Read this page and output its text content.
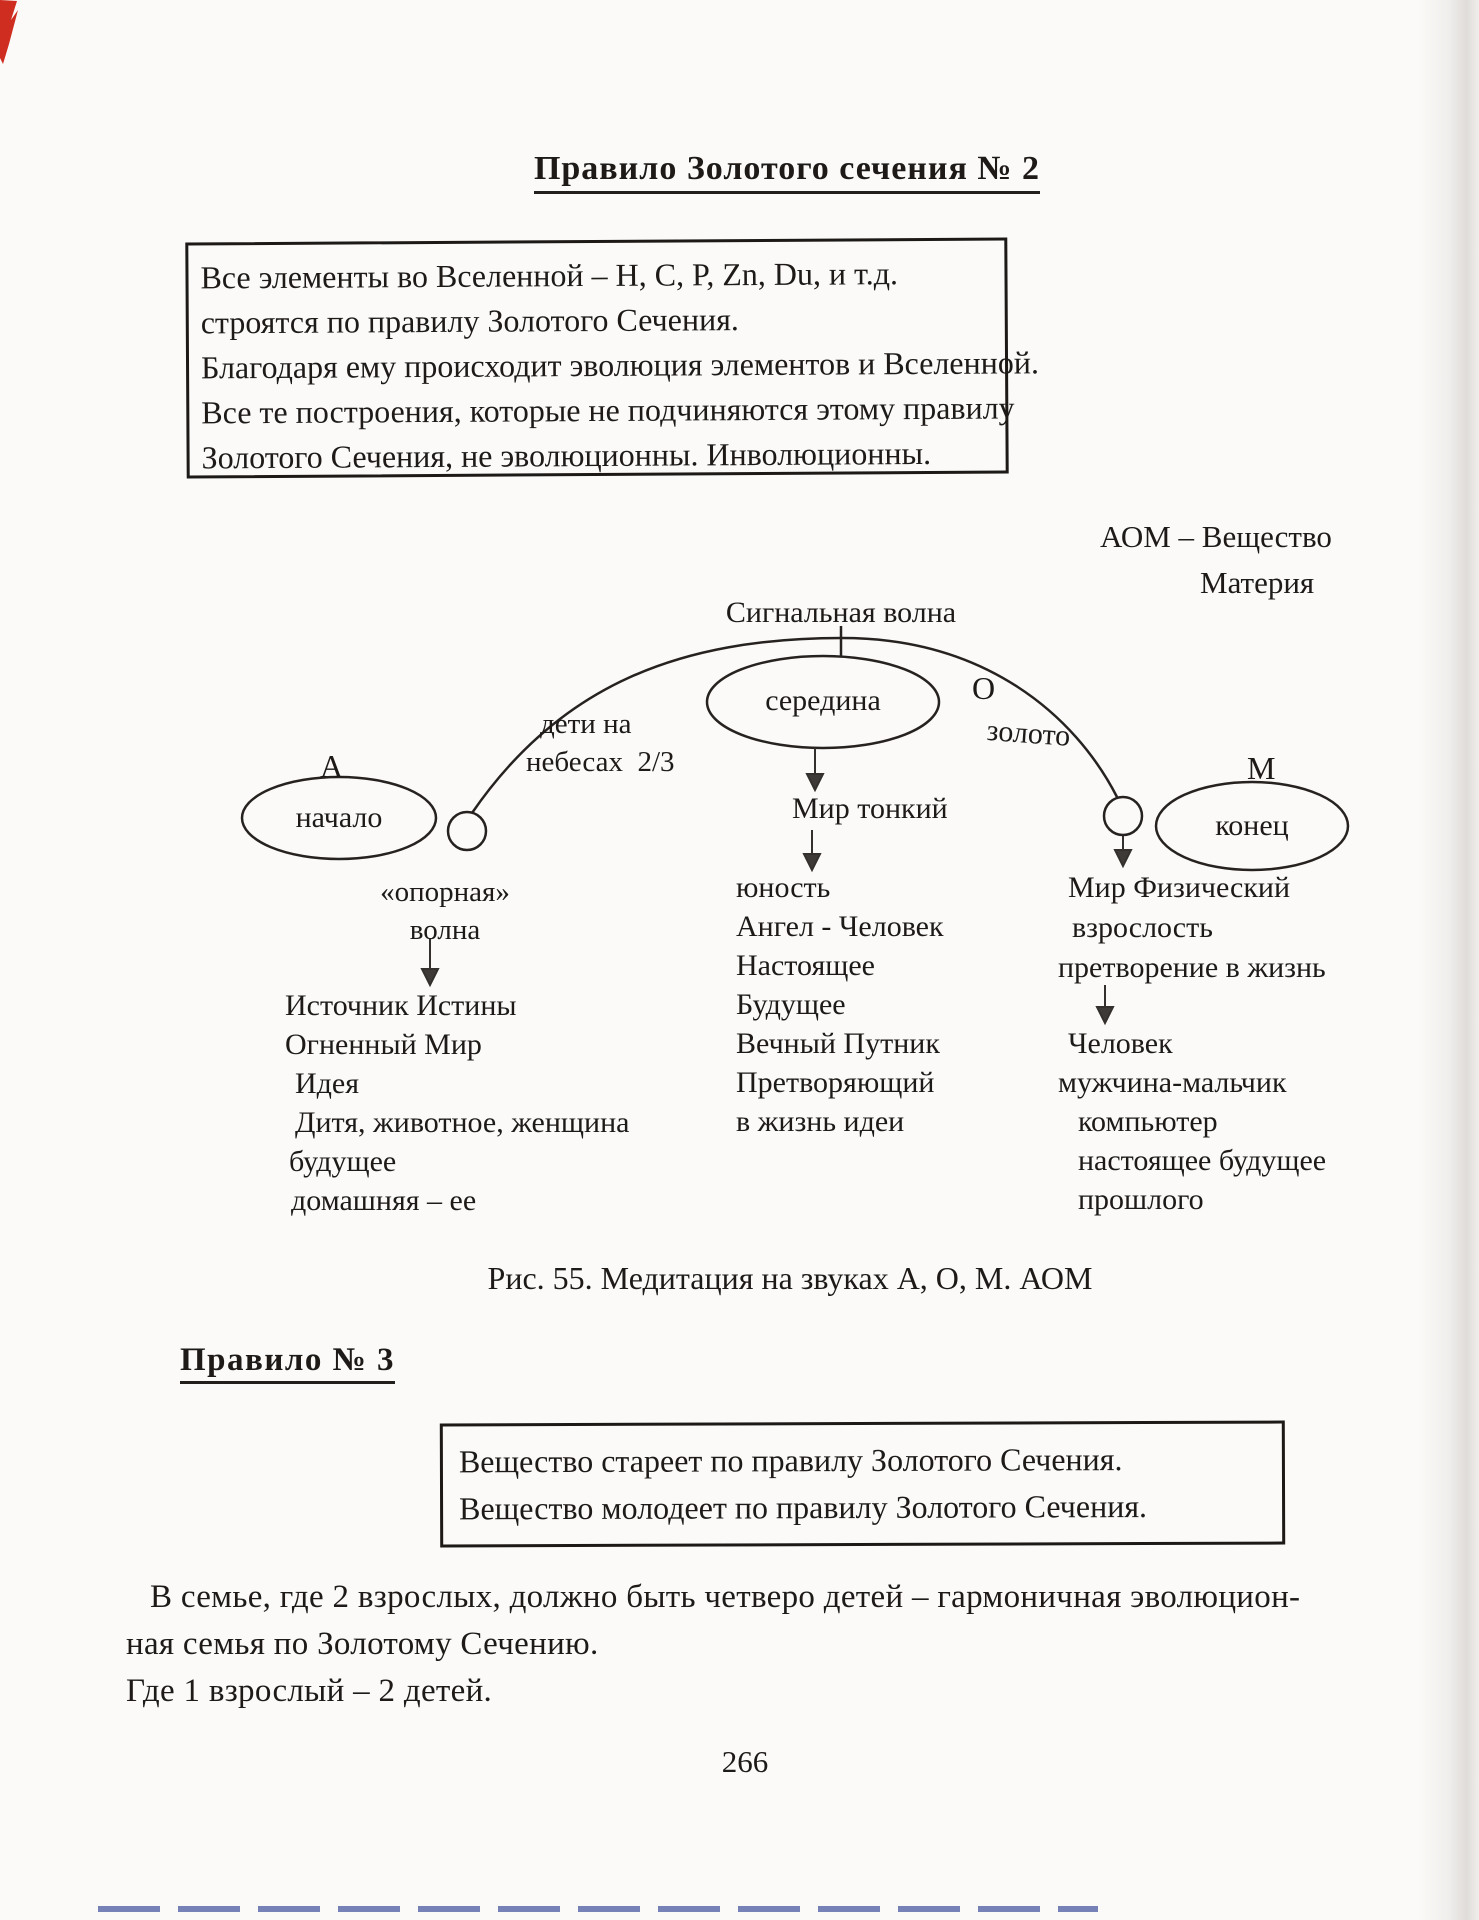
Правило Золотого сечения № 2
Все элементы во Вселенной – H, C, P, Zn, Du, и т.д.
строятся по правилу Золотого Сечения.
Благодаря ему происходит эволюция элементов и Вселенной.
Все те построения, которые не подчиняются этому правилу
Золотого Сечения, не эволюционны. Инволюционны.
АОМ – Вещество
Материя
Сигнальная волна
О
золото
дети на
небесах  2/3
середина
А
начало
М
конец
Мир тонкий
«опорная»
волна
юность
Ангел - Человек
Настоящее
Будущее
Вечный Путник
Претворяющий
в жизнь идеи
Источник Истины
Огненный Мир
Идея
Дитя, животное, женщина
будущее
домашняя – ее
Мир Физический
взрослость
претворение в жизнь
Человек
мужчина-мальчик
компьютер
настоящее будущее
прошлого
Рис. 55. Медитация на звуках А, О, М. АОМ
Правило № 3
Вещество стареет по правилу Золотого Сечения.
Вещество молодеет по правилу Золотого Сечения.
В семье, где 2 взрослых, должно быть четверо детей – гармоничная эволюцион-
ная семья по Золотому Сечению.
Где 1 взрослый – 2 детей.
266
